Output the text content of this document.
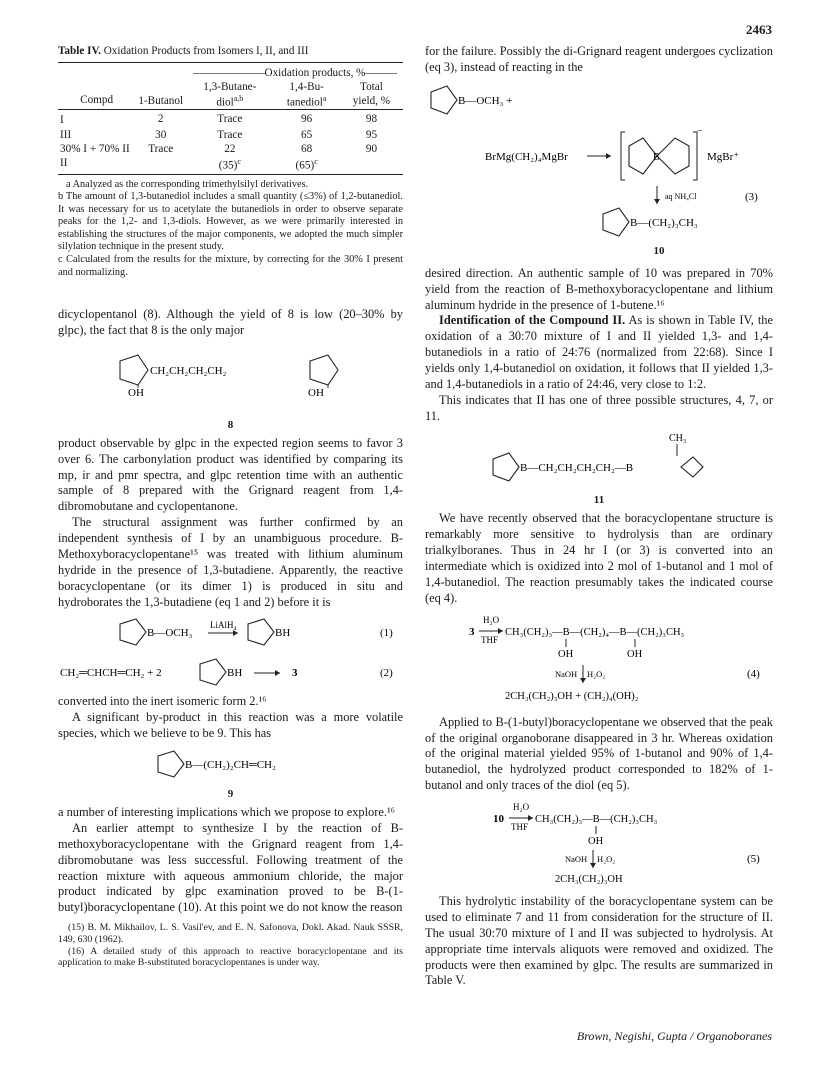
2463
Table IV. Oxidation Products from Isomers I, II, and III
		———————Oxidation products, %———		
		1,3-Butane-	1,4-Bu-	Total
Compd	1-Butanol	diol$^{a,b}$	tanediol$^a$	yield, %
I	2	Trace	96	98
III	30	Trace	65	95
30% I + 70% II	Trace	22	68	90
II		$(35)^c$	$(65)^c$	

a Analyzed as the corresponding trimethylsilyl derivatives.

b The amount of 1,3-butanediol includes a small quantity (≤3%) of 1,2-butanediol. It was necessary for us to acetylate the butanediols in order to observe separate peaks for the 1,2- and 1,3-diols. However, as we were primarily interested in establishing the structures of the major components, we adopted the much simpler silylation technique in the present study.

c Calculated from the results for the mixture, by correcting for the 30% I present and normalizing.

dicyclopentanol (8). Although the yield of 8 is low (20–30% by glpc), the fact that 8 is the only major

CH₂CH₂CH₂CH₂
OH	OH
8

product observable by glpc in the expected region seems to favor 3 over 6. The carbonylation product was identified by comparing its mp, ir and pmr spectra, and glpc retention time with an authentic sample of 8 prepared with the Grignard reagent from 1,4-dibromobutane and cyclopentanone.

The structural assignment was further confirmed by an independent synthesis of I by an unambiguous procedure. B-Methoxyboracyclopentane¹⁵ was treated with lithium aluminum hydride in the presence of 1,3-butadiene. Apparently, the reactive boracyclopentane (or its dimer 1) is produced in situ and hydroborates the 1,3-butadiene (eq 1 and 2) before it is

B—OCH₃
LiAlH₄
BH	(1)
CH₂═CHCH═CH₂ + 2	BH	3	(2)

converted into the inert isomeric form 2.¹⁶

A significant by-product in this reaction was a more volatile species, which we believe to be 9. This has

B—(CH₂)₂CH═CH₂
9

a number of interesting implications which we propose to explore.¹⁶

An earlier attempt to synthesize I by the reaction of B-methoxyboracyclopentane with the Grignard reagent from 1,4-dibromobutane was less successful. Following treatment of the reaction mixture with aqueous ammonium chloride, the major product indicated by glpc examination proved to be B-(1-butyl)boracyclopentane (10). At this point we do not know the reason

(15) B. M. Mikhailov, L. S. Vasil'ev, and E. N. Safonova, Dokl. Akad. Nauk SSSR, 149, 630 (1962).

(16) A detailed study of this approach to reactive boracyclopentane and its application to make B-substituted boracyclopentanes is under way.

for the failure. Possibly the di-Grignard reagent undergoes cyclization (eq 3), instead of reacting in the

B—OCH₃ +
BrMg(CH₂)₄MgBr
−
B	MgBr⁺
aq NH₄Cl	(3)
B—(CH₂)₃CH₃
10

desired direction. An authentic sample of 10 was prepared in 70% yield from the reaction of B-methoxyboracyclopentane and lithium aluminum hydride in the presence of 1-butene.¹⁶

Identification of the Compound II. As is shown in Table IV, the oxidation of a 30:70 mixture of I and II yielded 1,3- and 1,4-butanediols in a ratio of 24:76 (normalized from 22:68). Since I yields only 1,4-butanediol on oxidation, it follows that II yielded 1,3- and 1,4-butanediols in a ratio of 24:46, very close to 1:2.

This indicates that II has one of three possible structures, 4, 7, or 11.

CH₃
B—CH₂CH₂CH₂CH₂—B
11

We have recently observed that the boracyclopentane structure is remarkably more sensitive to hydrolysis than are ordinary trialkylboranes. Thus in 24 hr I (or 3) is converted into an intermediate which is oxidized into 2 mol of 1-butanol and 1 mol of 1,4-butanediol. The reaction presumably takes the indicated course (eq 4).

H₂O
3
THF
CH₃(CH₂)₃—B—(CH₂)₄—B—(CH₂)₃CH₃
OH	OH
NaOH H₂O₂	(4)
2CH₃(CH₂)₃OH + (CH₂)₄(OH)₂

Applied to B-(1-butyl)boracyclopentane we observed that the peak of the original organoborane disappeared in 3 hr. Whereas oxidation of the original material yielded 95% of 1-butanol and 90% of 1,4-butanediol, the hydrolyzed product corresponded to 182% of 1-butanol and only traces of the diol (eq 5).

H₂O
10
THF
CH₃(CH₂)₃—B—(CH₂)₃CH₃
OH
NaOH H₂O₂	(5)
2CH₃(CH₂)₃OH

This hydrolytic instability of the boracyclopentane system can be used to eliminate 7 and 11 from consideration for the structure of II. The usual 30:70 mixture of I and II was subjected to hydrolysis. At appropriate time intervals aliquots were removed and oxidized. The products were then examined by glpc. The results are summarized in Table V.

Brown, Negishi, Gupta / Organoboranes
